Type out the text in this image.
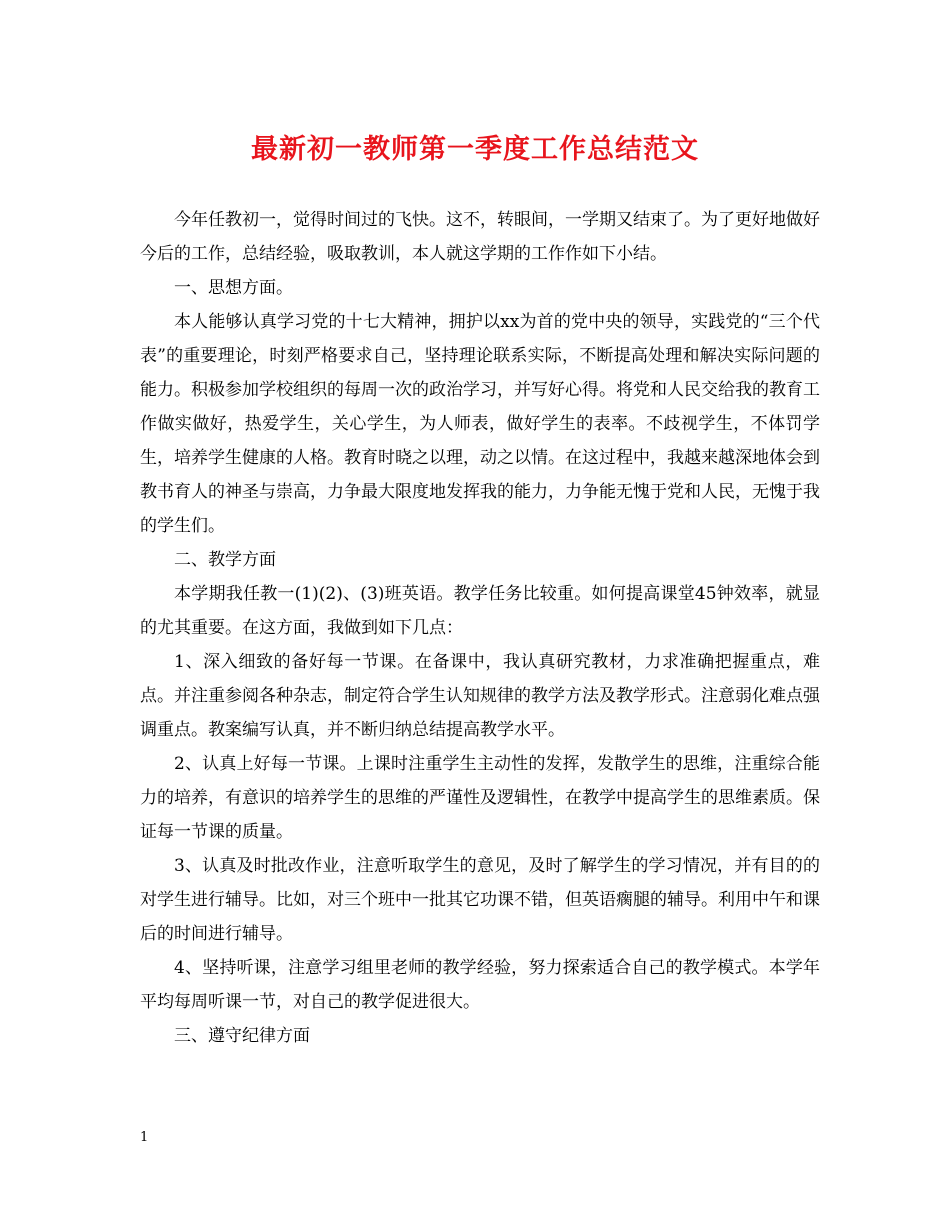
最新初一教师第一季度工作总结范文

今年任教初一，觉得时间过的飞快。这不，转眼间，一学期又结束了。为了更好地做好今后的工作，总结经验，吸取教训，本人就这学期的工作作如下小结。

一、思想方面。

本人能够认真学习党的十七大精神，拥护以xx为首的党中央的领导，实践党的“三个代表”的重要理论，时刻严格要求自己，坚持理论联系实际，不断提高处理和解决实际问题的能力。积极参加学校组织的每周一次的政治学习，并写好心得。将党和人民交给我的教育工作做实做好，热爱学生，关心学生，为人师表，做好学生的表率。不歧视学生，不体罚学生，培养学生健康的人格。教育时晓之以理，动之以情。在这过程中，我越来越深地体会到教书育人的神圣与崇高，力争最大限度地发挥我的能力，力争能无愧于党和人民，无愧于我的学生们。

二、教学方面

本学期我任教一(1)(2)、(3)班英语。教学任务比较重。如何提高课堂45钟效率，就显的尤其重要。在这方面，我做到如下几点：

1、深入细致的备好每一节课。在备课中，我认真研究教材，力求准确把握重点，难点。并注重参阅各种杂志，制定符合学生认知规律的教学方法及教学形式。注意弱化难点强调重点。教案编写认真，并不断归纳总结提高教学水平。

2、认真上好每一节课。上课时注重学生主动性的发挥，发散学生的思维，注重综合能力的培养，有意识的培养学生的思维的严谨性及逻辑性，在教学中提高学生的思维素质。保证每一节课的质量。

3、认真及时批改作业，注意听取学生的意见，及时了解学生的学习情况，并有目的的对学生进行辅导。比如，对三个班中一批其它功课不错，但英语瘸腿的辅导。利用中午和课后的时间进行辅导。

4、坚持听课，注意学习组里老师的教学经验，努力探索适合自己的教学模式。本学年平均每周听课一节，对自己的教学促进很大。

三、遵守纪律方面

1
